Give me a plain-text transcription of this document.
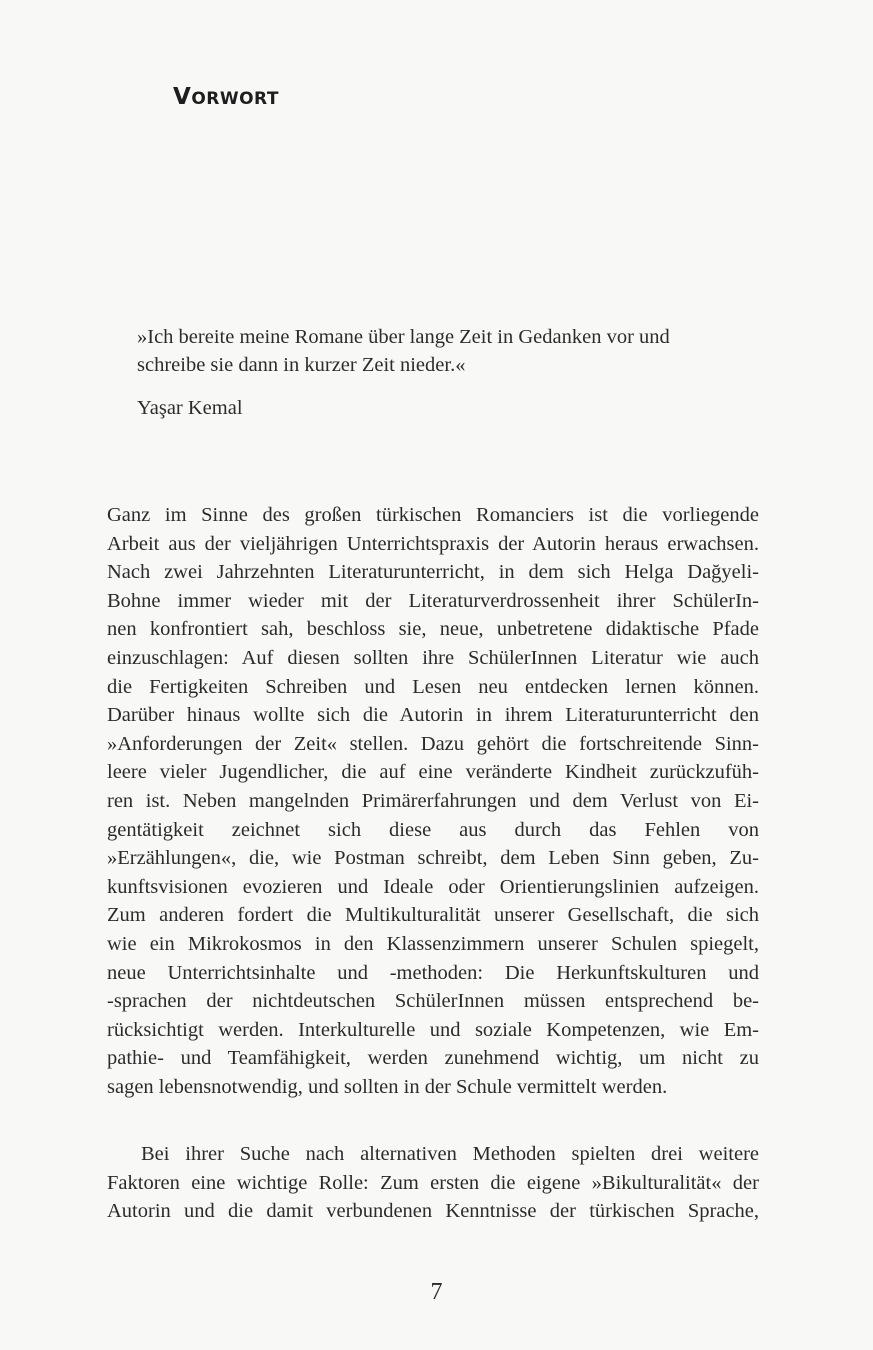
VORWORT

»Ich bereite meine Romane über lange Zeit in Gedanken vor und
schreibe sie dann in kurzer Zeit nieder.«

Yaşar Kemal

Ganz im Sinne des großen türkischen Romanciers ist die vorliegende
Arbeit aus der vieljährigen Unterrichtspraxis der Autorin heraus erwachsen.
Nach zwei Jahrzehnten Literaturunterricht, in dem sich Helga Dağyeli-
Bohne immer wieder mit der Literaturverdrossenheit ihrer SchülerIn-
nen konfrontiert sah, beschloss sie, neue, unbetretene didaktische Pfade
einzuschlagen: Auf diesen sollten ihre SchülerInnen Literatur wie auch
die Fertigkeiten Schreiben und Lesen neu entdecken lernen können.
Darüber hinaus wollte sich die Autorin in ihrem Literaturunterricht den
»Anforderungen der Zeit« stellen. Dazu gehört die fortschreitende Sinn-
leere vieler Jugendlicher, die auf eine veränderte Kindheit zurückzufüh-
ren ist. Neben mangelnden Primärerfahrungen und dem Verlust von Ei-
gentätigkeit zeichnet sich diese aus durch das Fehlen von
»Erzählungen«, die, wie Postman schreibt, dem Leben Sinn geben, Zu-
kunftsvisionen evozieren und Ideale oder Orientierungslinien aufzeigen.
Zum anderen fordert die Multikulturalität unserer Gesellschaft, die sich
wie ein Mikrokosmos in den Klassenzimmern unserer Schulen spiegelt,
neue Unterrichtsinhalte und -methoden: Die Herkunftskulturen und
-sprachen der nichtdeutschen SchülerInnen müssen entsprechend be-
rücksichtigt werden. Interkulturelle und soziale Kompetenzen, wie Em-
pathie- und Teamfähigkeit, werden zunehmend wichtig, um nicht zu
sagen lebensnotwendig, und sollten in der Schule vermittelt werden.
Bei ihrer Suche nach alternativen Methoden spielten drei weitere
Faktoren eine wichtige Rolle: Zum ersten die eigene »Bikulturalität« der
Autorin und die damit verbundenen Kenntnisse der türkischen Sprache,

7
